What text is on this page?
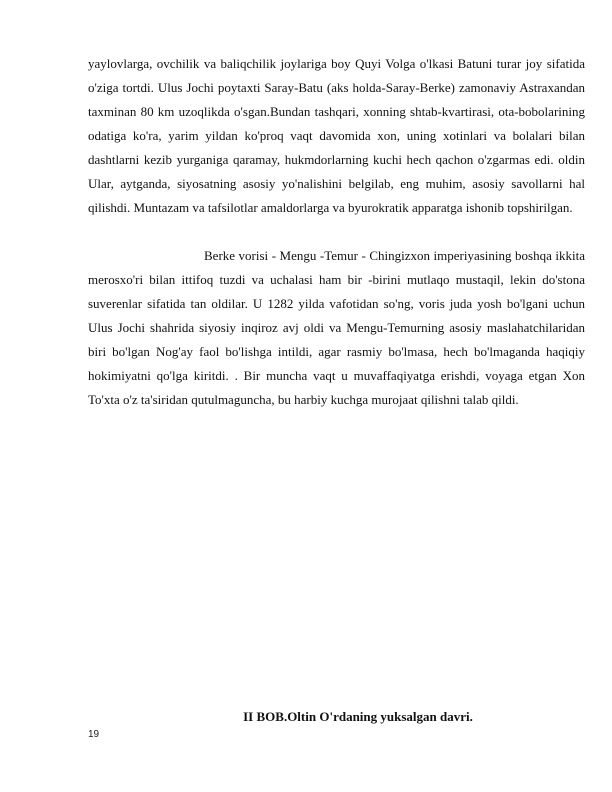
yaylovlarga, ovchilik va baliqchilik joylariga boy Quyi Volga o'lkasi Batuni turar joy sifatida o'ziga tortdi. Ulus Jochi poytaxti Saray-Batu (aks holda-Saray-Berke) zamonaviy Astraxandan taxminan 80 km uzoqlikda o'sgan.Bundan tashqari, xonning shtab-kvartirasi, ota-bobolarining odatiga ko'ra, yarim yildan ko'proq vaqt davomida xon, uning xotinlari va bolalari bilan dashtlarni kezib yurganiga qaramay, hukmdorlarning kuchi hech qachon o'zgarmas edi. oldin Ular, aytganda, siyosatning asosiy yo'nalishini belgilab, eng muhim, asosiy savollarni hal qilishdi. Muntazam va tafsilotlar amaldorlarga va byurokratik apparatga ishonib topshirilgan.

Berke vorisi - Mengu -Temur - Chingizxon imperiyasining boshqa ikkita merosxo'ri bilan ittifoq tuzdi va uchalasi ham bir -birini mutlaqo mustaqil, lekin do'stona suverenlar sifatida tan oldilar. U 1282 yilda vafotidan so'ng, voris juda yosh bo'lgani uchun Ulus Jochi shahrida siyosiy inqiroz avj oldi va Mengu-Temurning asosiy maslahatchilaridan biri bo'lgan Nog'ay faol bo'lishga intildi, agar rasmiy bo'lmasa, hech bo'lmaganda haqiqiy hokimiyatni qo'lga kiritdi. . Bir muncha vaqt u muvaffaqiyatga erishdi, voyaga etgan Xon To'xta o'z ta'siridan qutulmaguncha, bu harbiy kuchga murojaat qilishni talab qildi.

II BOB.Oltin O'rdaning yuksalgan davri.

19
